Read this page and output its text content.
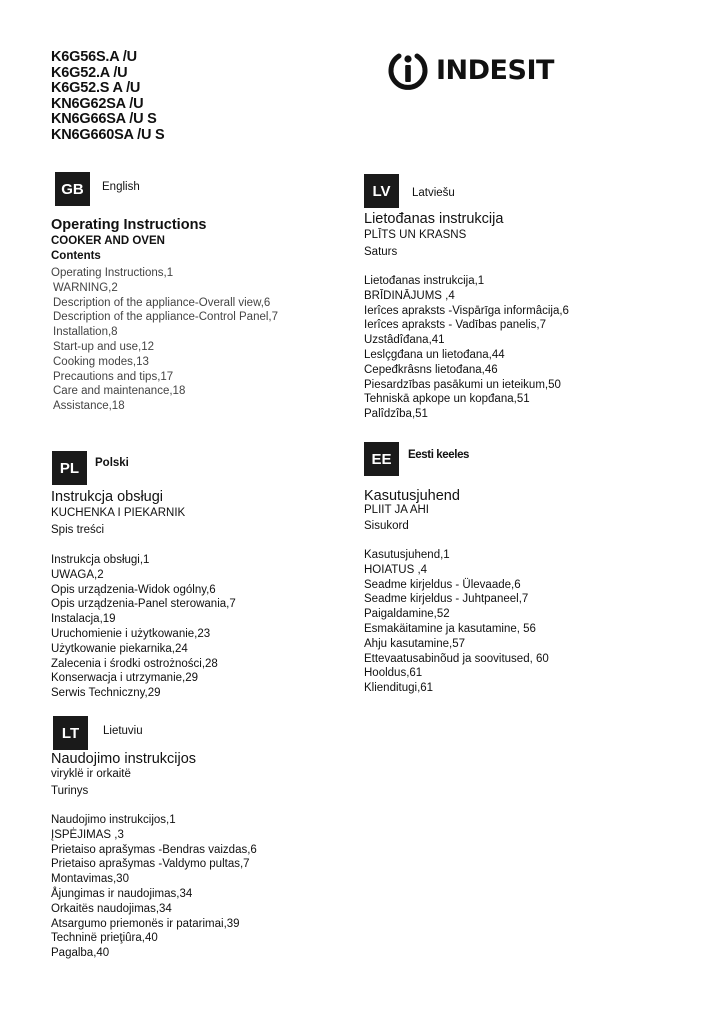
K6G56S.A /U
K6G52.A /U
K6G52.S A /U
KN6G62SA /U
KN6G66SA /U S
KN6G660SA /U S
INDESIT
GB	English
Operating Instructions
COOKER AND OVEN
Contents
Operating Instructions,1
WARNING,2
Description of the appliance-Overall view,6
Description of the appliance-Control Panel,7
Installation,8
Start-up and use,12
Cooking modes,13
Precautions and tips,17
Care and maintenance,18
Assistance,18
LV	Latviešu
Lietođanas instrukcija
PLĪTS UN KRASNS
Saturs
Lietođanas instrukcija,1
BRĪDINĀJUMS ,4
Ierîces apraksts -Vispārīga informâcija,6
Ierîces apraksts - Vadības panelis,7
Uzstâdîđana,41
Leslçgđana un lietođana,44
Cepeđkrâsns lietođana,46
Piesardzības pasākumi un ieteikum,50
Tehniskā apkope un kopđana,51
Palîdzîba,51
PL	Polski
Instrukcja obsługi
KUCHENKA I PIEKARNIK
Spis treści
Instrukcja obsługi,1
UWAGA,2
Opis urządzenia-Widok ogólny,6
Opis urządzenia-Panel sterowania,7
Instalacja,19
Uruchomienie i użytkowanie,23
Użytkowanie piekarnika,24
Zalecenia i środki ostrożności,28
Konserwacja i utrzymanie,29
Serwis Techniczny,29
EE	Eesti keeles
Kasutusjuhend
PLIIT JA AHI
Sisukord
Kasutusjuhend,1
HOIATUS ,4
Seadme kirjeldus - Ülevaade,6
Seadme kirjeldus - Juhtpaneel,7
Paigaldamine,52
Esmakäitamine ja kasutamine, 56
Ahju kasutamine,57
Ettevaatusabinõud ja soovitused, 60
Hooldus,61
Klienditugi,61
LT	Lietuviu
Naudojimo instrukcijos
viryklë ir orkaitë
Turinys
Naudojimo instrukcijos,1
ĮSPĖJIMAS ,3
Prietaiso aprašymas -Bendras vaizdas,6
Prietaiso aprašymas -Valdymo pultas,7
Montavimas,30
Åjungimas ir naudojimas,34
Orkaitës naudojimas,34
Atsargumo priemonës ir patarimai,39
Techninë prieţiûra,40
Pagalba,40
